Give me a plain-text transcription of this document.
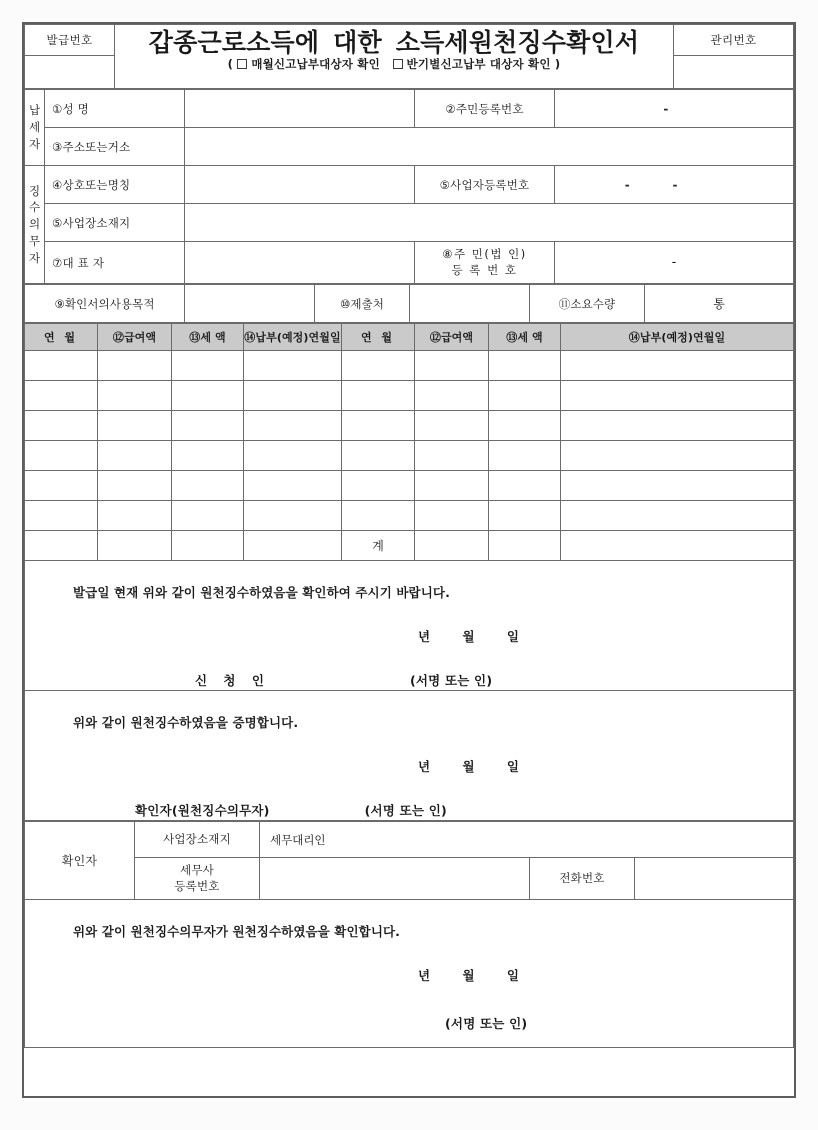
발급번호	갑종근로소득에 대한 소득세원천징수확인서
( 매월신고납부대상자 확인 반기별신고납부 대상자 확인 )	관리번호

납
세
자	①성 명		②주민등록번호	

	③주소또는거소			

징
수
의
무
자	④상호또는명칭		⑤사업자등록번호	

	⑤사업장소재지			
	⑦대 표 자		⑧주 민(법 인)
등 록 번 호	-
⑨확인서의사용목적		⑩제출처		⑪소요수량	통
연 월	⑫급여액	⑬세 액	⑭납부(예정)연월일	연 월	⑫급여액	⑬세 액	⑭납부(예정)연월일

				계			

발급일 현재 위와 같이 원천징수하였음을 확인하여 주시기 바랍니다.

년 월 일

신 청 인	(서명 또는 인)

위와 같이 원천징수하였음을 증명합니다.

년 월 일

확인자(원천징수의무자)	(서명 또는 인)

확인자	사업장소재지	세무대리인		

	세무사
등록번호		전화번호	

위와 같이 원천징수의무자가 원천징수하였음을 확인합니다.

년 월 일

(서명 또는 인)
